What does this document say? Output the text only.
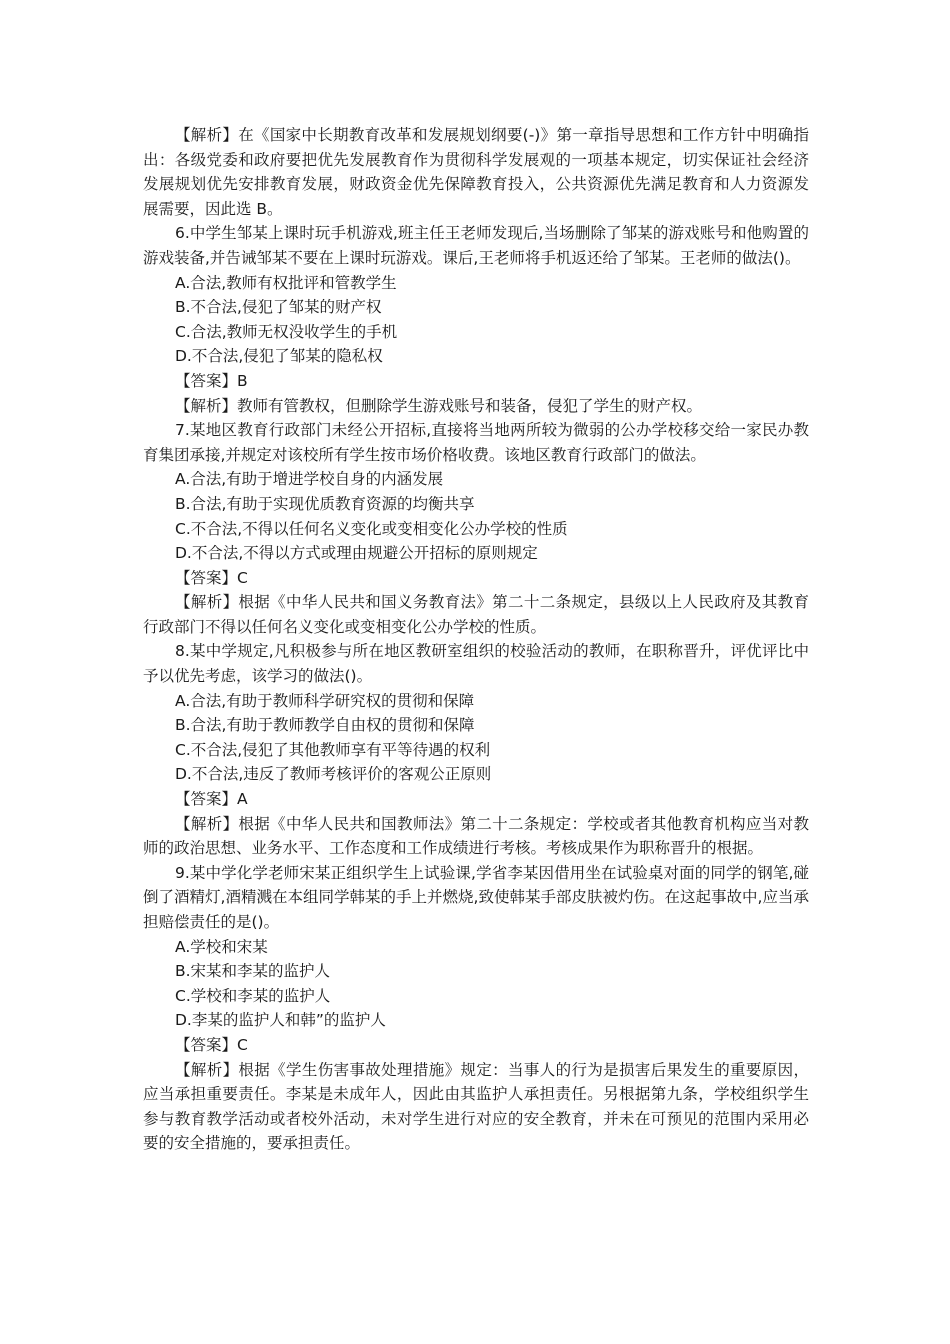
【解析】在《国家中长期教育改革和发展规划纲要(-)》第一章指导思想和工作方针中明确指出：各级党委和政府要把优先发展教育作为贯彻科学发展观的一项基本规定，切实保证社会经济发展规划优先安排教育发展，财政资金优先保障教育投入，公共资源优先满足教育和人力资源发展需要，因此选 B。

6.中学生邹某上课时玩手机游戏,班主任王老师发现后,当场删除了邹某的游戏账号和他购置的游戏装备,并告诫邹某不要在上课时玩游戏。课后,王老师将手机返还给了邹某。王老师的做法()。

A.合法,教师有权批评和管教学生

B.不合法,侵犯了邹某的财产权

C.合法,教师无权没收学生的手机

D.不合法,侵犯了邹某的隐私权

【答案】B

【解析】教师有管教权，但删除学生游戏账号和装备，侵犯了学生的财产权。

7.某地区教育行政部门未经公开招标,直接将当地两所较为微弱的公办学校移交给一家民办教育集团承接,并规定对该校所有学生按市场价格收费。该地区教育行政部门的做法。

A.合法,有助于增进学校自身的内涵发展

B.合法,有助于实现优质教育资源的均衡共享

C.不合法,不得以任何名义变化或变相变化公办学校的性质

D.不合法,不得以方式或理由规避公开招标的原则规定

【答案】C

【解析】根据《中华人民共和国义务教育法》第二十二条规定，县级以上人民政府及其教育行政部门不得以任何名义变化或变相变化公办学校的性质。

8.某中学规定,凡积极参与所在地区教研室组织的校验活动的教师，在职称晋升，评优评比中予以优先考虑，该学习的做法()。

A.合法,有助于教师科学研究权的贯彻和保障

B.合法,有助于教师教学自由权的贯彻和保障

C.不合法,侵犯了其他教师享有平等待遇的权利

D.不合法,违反了教师考核评价的客观公正原则

【答案】A

【解析】根据《中华人民共和国教师法》第二十二条规定：学校或者其他教育机构应当对教师的政治思想、业务水平、工作态度和工作成绩进行考核。考核成果作为职称晋升的根据。

9.某中学化学老师宋某正组织学生上试验课,学省李某因借用坐在试验桌对面的同学的钢笔,碰倒了酒精灯,酒精溅在本组同学韩某的手上并燃烧,致使韩某手部皮肤被灼伤。在这起事故中,应当承担赔偿责任的是()。

A.学校和宋某

B.宋某和李某的监护人

C.学校和李某的监护人

D.李某的监护人和韩”的监护人

【答案】C

【解析】根据《学生伤害事故处理措施》规定：当事人的行为是损害后果发生的重要原因，应当承担重要责任。李某是未成年人，因此由其监护人承担责任。另根据第九条，学校组织学生参与教育教学活动或者校外活动，未对学生进行对应的安全教育，并未在可预见的范围内采用必要的安全措施的，要承担责任。
